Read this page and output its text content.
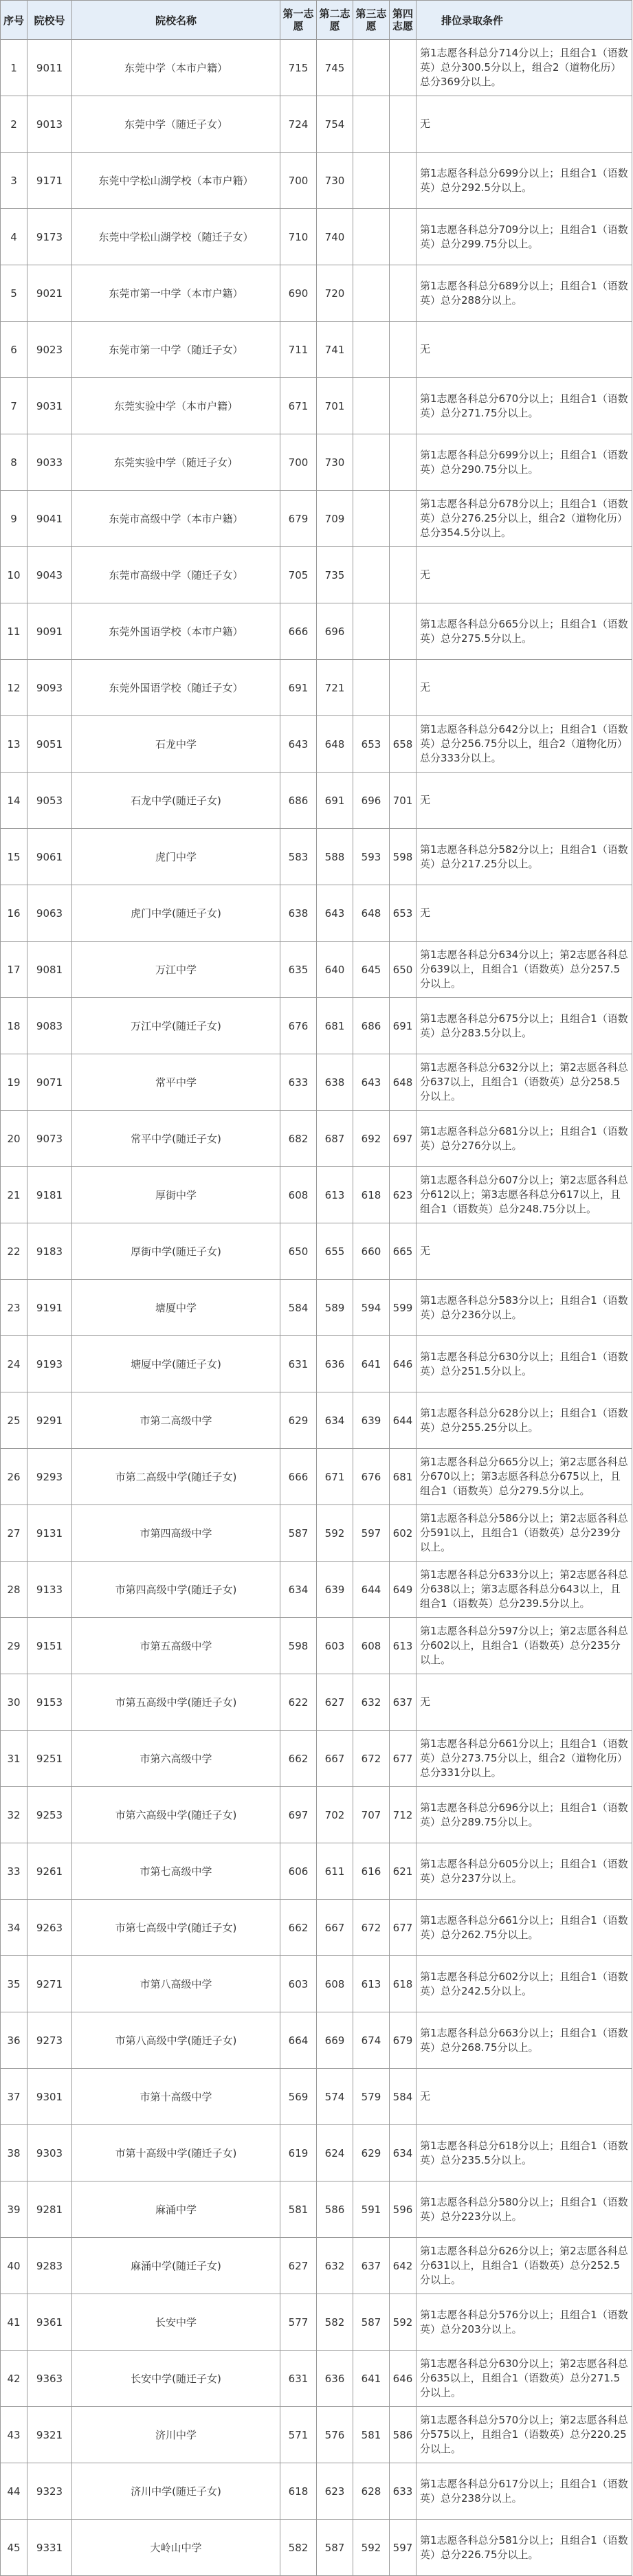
序号	院校号	院校名称	第一志愿	第二志愿	第三志愿	第四志愿	排位录取条件
1	9011	东莞中学（本市户籍）	715	745			第1志愿各科总分714分以上；且组合1（语数英）总分300.5分以上，组合2（道物化历）总分369分以上。
2	9013	东莞中学（随迁子女）	724	754			无
3	9171	东莞中学松山湖学校（本市户籍）	700	730			第1志愿各科总分699分以上；且组合1（语数英）总分292.5分以上。
4	9173	东莞中学松山湖学校（随迁子女）	710	740			第1志愿各科总分709分以上；且组合1（语数英）总分299.75分以上。
5	9021	东莞市第一中学（本市户籍）	690	720			第1志愿各科总分689分以上；且组合1（语数英）总分288分以上。
6	9023	东莞市第一中学（随迁子女）	711	741			无
7	9031	东莞实验中学（本市户籍）	671	701			第1志愿各科总分670分以上；且组合1（语数英）总分271.75分以上。
8	9033	东莞实验中学（随迁子女）	700	730			第1志愿各科总分699分以上；且组合1（语数英）总分290.75分以上。
9	9041	东莞市高级中学（本市户籍）	679	709			第1志愿各科总分678分以上；且组合1（语数英）总分276.25分以上，组合2（道物化历）总分354.5分以上。
10	9043	东莞市高级中学（随迁子女）	705	735			无
11	9091	东莞外国语学校（本市户籍）	666	696			第1志愿各科总分665分以上；且组合1（语数英）总分275.5分以上。
12	9093	东莞外国语学校（随迁子女）	691	721			无
13	9051	石龙中学	643	648	653	658	第1志愿各科总分642分以上；且组合1（语数英）总分256.75分以上，组合2（道物化历）总分333分以上。
14	9053	石龙中学(随迁子女)	686	691	696	701	无
15	9061	虎门中学	583	588	593	598	第1志愿各科总分582分以上；且组合1（语数英）总分217.25分以上。
16	9063	虎门中学(随迁子女)	638	643	648	653	无
17	9081	万江中学	635	640	645	650	第1志愿各科总分634分以上；第2志愿各科总分639以上，且组合1（语数英）总分257.5分以上。
18	9083	万江中学(随迁子女)	676	681	686	691	第1志愿各科总分675分以上；且组合1（语数英）总分283.5分以上。
19	9071	常平中学	633	638	643	648	第1志愿各科总分632分以上；第2志愿各科总分637以上，且组合1（语数英）总分258.5分以上。
20	9073	常平中学(随迁子女)	682	687	692	697	第1志愿各科总分681分以上；且组合1（语数英）总分276分以上。
21	9181	厚街中学	608	613	618	623	第1志愿各科总分607分以上；第2志愿各科总分612以上；第3志愿各科总分617以上，且组合1（语数英）总分248.75分以上。
22	9183	厚街中学(随迁子女)	650	655	660	665	无
23	9191	塘厦中学	584	589	594	599	第1志愿各科总分583分以上；且组合1（语数英）总分236分以上。
24	9193	塘厦中学(随迁子女)	631	636	641	646	第1志愿各科总分630分以上；且组合1（语数英）总分251.5分以上。
25	9291	市第二高级中学	629	634	639	644	第1志愿各科总分628分以上；且组合1（语数英）总分255.25分以上。
26	9293	市第二高级中学(随迁子女)	666	671	676	681	第1志愿各科总分665分以上；第2志愿各科总分670以上；第3志愿各科总分675以上，且组合1（语数英）总分279.5分以上。
27	9131	市第四高级中学	587	592	597	602	第1志愿各科总分586分以上；第2志愿各科总分591以上，且组合1（语数英）总分239分以上。
28	9133	市第四高级中学(随迁子女)	634	639	644	649	第1志愿各科总分633分以上；第2志愿各科总分638以上；第3志愿各科总分643以上，且组合1（语数英）总分239.5分以上。
29	9151	市第五高级中学	598	603	608	613	第1志愿各科总分597分以上；第2志愿各科总分602以上，且组合1（语数英）总分235分以上。
30	9153	市第五高级中学(随迁子女)	622	627	632	637	无
31	9251	市第六高级中学	662	667	672	677	第1志愿各科总分661分以上；且组合1（语数英）总分273.75分以上，组合2（道物化历）总分331分以上。
32	9253	市第六高级中学(随迁子女)	697	702	707	712	第1志愿各科总分696分以上；且组合1（语数英）总分289.75分以上。
33	9261	市第七高级中学	606	611	616	621	第1志愿各科总分605分以上；且组合1（语数英）总分237分以上。
34	9263	市第七高级中学(随迁子女)	662	667	672	677	第1志愿各科总分661分以上；且组合1（语数英）总分262.75分以上。
35	9271	市第八高级中学	603	608	613	618	第1志愿各科总分602分以上；且组合1（语数英）总分242.5分以上。
36	9273	市第八高级中学(随迁子女)	664	669	674	679	第1志愿各科总分663分以上；且组合1（语数英）总分268.75分以上。
37	9301	市第十高级中学	569	574	579	584	无
38	9303	市第十高级中学(随迁子女)	619	624	629	634	第1志愿各科总分618分以上；且组合1（语数英）总分235.5分以上。
39	9281	麻涌中学	581	586	591	596	第1志愿各科总分580分以上；且组合1（语数英）总分223分以上。
40	9283	麻涌中学(随迁子女)	627	632	637	642	第1志愿各科总分626分以上；第2志愿各科总分631以上，且组合1（语数英）总分252.5分以上。
41	9361	长安中学	577	582	587	592	第1志愿各科总分576分以上；且组合1（语数英）总分203分以上。
42	9363	长安中学(随迁子女)	631	636	641	646	第1志愿各科总分630分以上；第2志愿各科总分635以上，且组合1（语数英）总分271.5分以上。
43	9321	济川中学	571	576	581	586	第1志愿各科总分570分以上；第2志愿各科总分575以上，且组合1（语数英）总分220.25分以上。
44	9323	济川中学(随迁子女)	618	623	628	633	第1志愿各科总分617分以上；且组合1（语数英）总分238分以上。
45	9331	大岭山中学	582	587	592	597	第1志愿各科总分581分以上；且组合1（语数英）总分226.75分以上。
